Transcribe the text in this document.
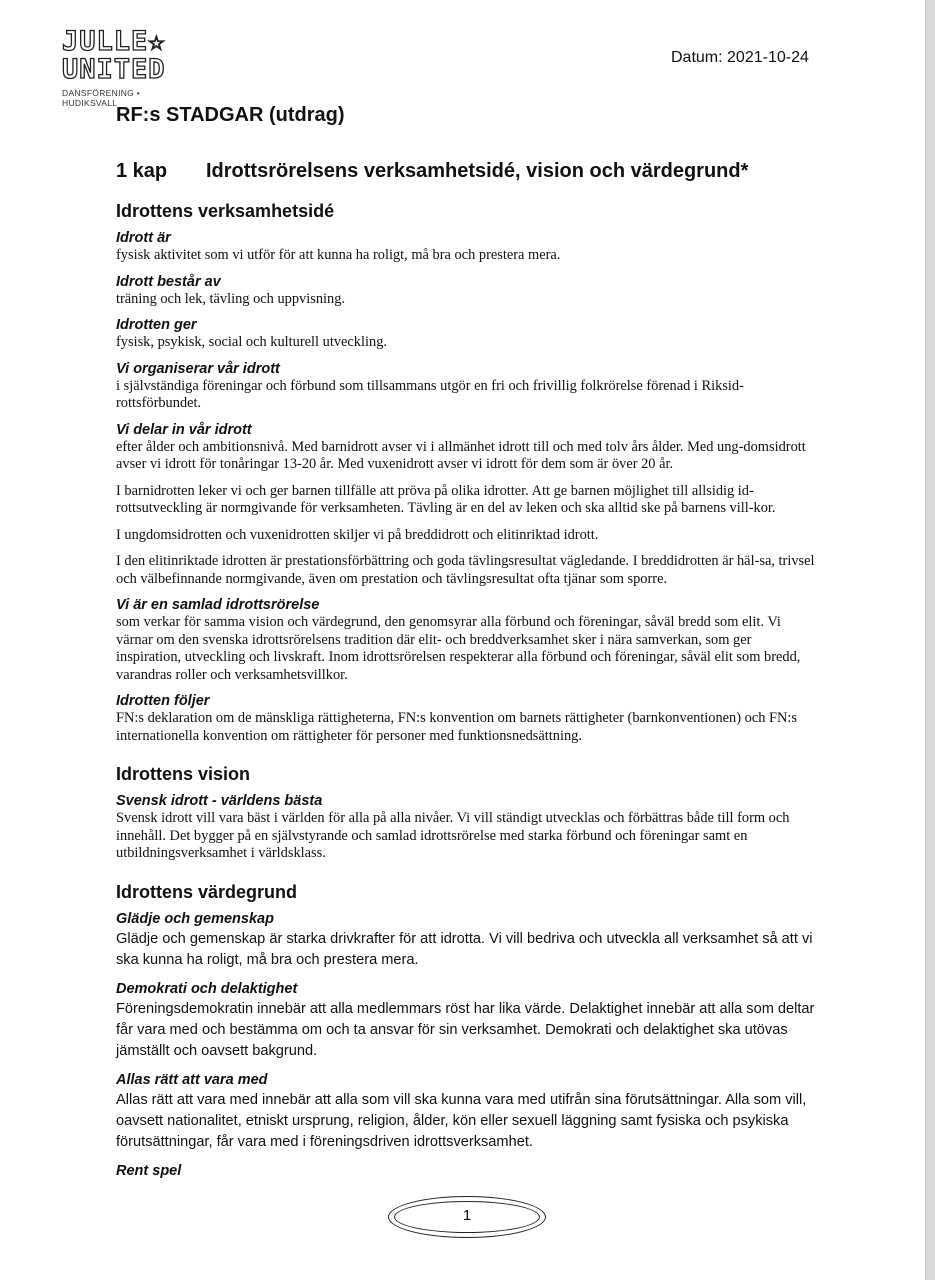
JULLE☆
UNITED
DANSFÖRENING • HUDIKSVALL
Datum: 2021-10-24
RF:s STADGAR (utdrag)
1 kap Idrottsrörelsens verksamhetsidé, vision och värdegrund*
Idrottens verksamhetsidé
Idrott är

fysisk aktivitet som vi utför för att kunna ha roligt, må bra och prestera mera.

Idrott består av

träning och lek, tävling och uppvisning.

Idrotten ger

fysisk, psykisk, social och kulturell utveckling.

Vi organiserar vår idrott

i självständiga föreningar och förbund som tillsammans utgör en fri och frivillig folkrörelse förenad i Riksid-rottsförbundet.

Vi delar in vår idrott

efter ålder och ambitionsnivå. Med barnidrott avser vi i allmänhet idrott till och med tolv års ålder. Med ung-domsidrott avser vi idrott för tonåringar 13-20 år. Med vuxenidrott avser vi idrott för dem som är över 20 år.

I barnidrotten leker vi och ger barnen tillfälle att pröva på olika idrotter. Att ge barnen möjlighet till allsidig id-rottsutveckling är normgivande för verksamheten. Tävling är en del av leken och ska alltid ske på barnens vill-kor.

I ungdomsidrotten och vuxenidrotten skiljer vi på breddidrott och elitinriktad idrott.

I den elitinriktade idrotten är prestationsförbättring och goda tävlingsresultat vägledande. I breddidrotten är häl-sa, trivsel och välbefinnande normgivande, även om prestation och tävlingsresultat ofta tjänar som sporre.

Vi är en samlad idrottsrörelse

som verkar för samma vision och värdegrund, den genomsyrar alla förbund och föreningar, såväl bredd som elit. Vi värnar om den svenska idrottsrörelsens tradition där elit- och breddverksamhet sker i nära samverkan, som ger inspiration, utveckling och livskraft. Inom idrottsrörelsen respekterar alla förbund och föreningar, såväl elit som bredd, varandras roller och verksamhetsvillkor.

Idrotten följer

FN:s deklaration om de mänskliga rättigheterna, FN:s konvention om barnets rättigheter (barnkonventionen) och FN:s internationella konvention om rättigheter för personer med funktionsnedsättning.

Idrottens vision
Svensk idrott - världens bästa

Svensk idrott vill vara bäst i världen för alla på alla nivåer. Vi vill ständigt utvecklas och förbättras både till form och innehåll. Det bygger på en självstyrande och samlad idrottsrörelse med starka förbund och föreningar samt en utbildningsverksamhet i världsklass.

Idrottens värdegrund
Glädje och gemenskap

Glädje och gemenskap är starka drivkrafter för att idrotta. Vi vill bedriva och utveckla all verksamhet så att vi ska kunna ha roligt, må bra och prestera mera.

Demokrati och delaktighet

Föreningsdemokratin innebär att alla medlemmars röst har lika värde. Delaktighet innebär att alla som deltar får vara med och bestämma om och ta ansvar för sin verksamhet. Demokrati och delaktighet ska utövas jämställt och oavsett bakgrund.

Allas rätt att vara med

Allas rätt att vara med innebär att alla som vill ska kunna vara med utifrån sina förutsättningar. Alla som vill, oavsett nationalitet, etniskt ursprung, religion, ålder, kön eller sexuell läggning samt fysiska och psykiska förutsättningar, får vara med i föreningsdriven idrottsverksamhet.

Rent spel
1
